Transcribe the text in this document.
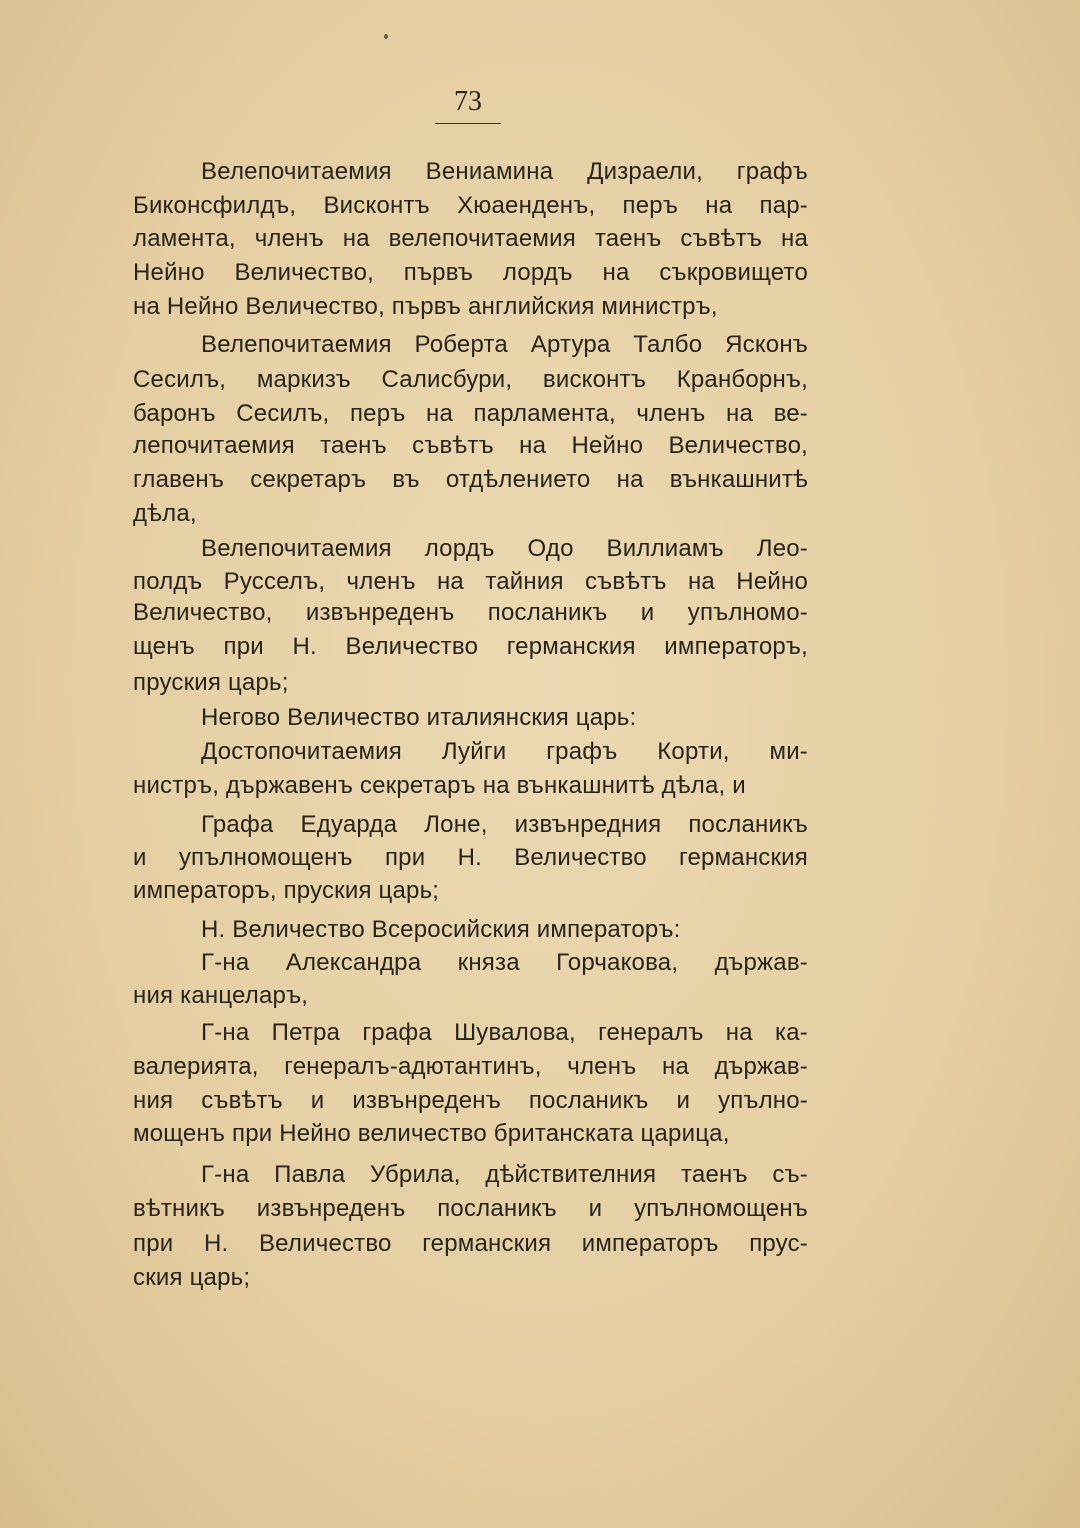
73
Велепочитаемия Вениамина Дизраели, графъ
Биконсфилдъ, Висконтъ Хюаенденъ, перъ на пар-
ламента, членъ на велепочитаемия таенъ съвѣтъ на
Нейно Величество, първъ лордъ на съкровището
на Нейно Величество, първъ английския министръ,
Велепочитаемия Роберта Артура Талбо Ясконъ
Сесилъ, маркизъ Салисбури, висконтъ Кранборнъ,
баронъ Сесилъ, перъ на парламента, членъ на ве-
лепочитаемия таенъ съвѣтъ на Нейно Величество,
главенъ секретаръ въ отдѣлението на вънкашнитѣ
дѣла,
Велепочитаемия лордъ Одо Виллиамъ Лео-
полдъ Русселъ, членъ на тайния съвѣтъ на Нейно
Величество, извънреденъ посланикъ и упълномо-
щенъ при Н. Величество германския императоръ,
пруския царь;
Негово Величество италиянския царь:
Достопочитаемия Луйги графъ Корти, ми-
нистръ, държавенъ секретаръ на вънкашнитѣ дѣла, и
Графа Едуарда Лоне, извънредния посланикъ
и упълномощенъ при Н. Величество германския
императоръ, пруския царь;
Н. Величество Всеросийския императоръ:
Г-на Александра княза Горчакова, държав-
ния канцеларъ,
Г-на Петра графа Шувалова, генералъ на ка-
валерията, генералъ-адютантинъ, членъ на държав-
ния съвѣтъ и извънреденъ посланикъ и упълно-
мощенъ при Нейно величество британската царица,
Г-на Павла Убрила, дѣйствителния таенъ съ-
вѣтникъ извънреденъ посланикъ и упълномощенъ
при Н. Величество германския императоръ прус-
ския царь;
